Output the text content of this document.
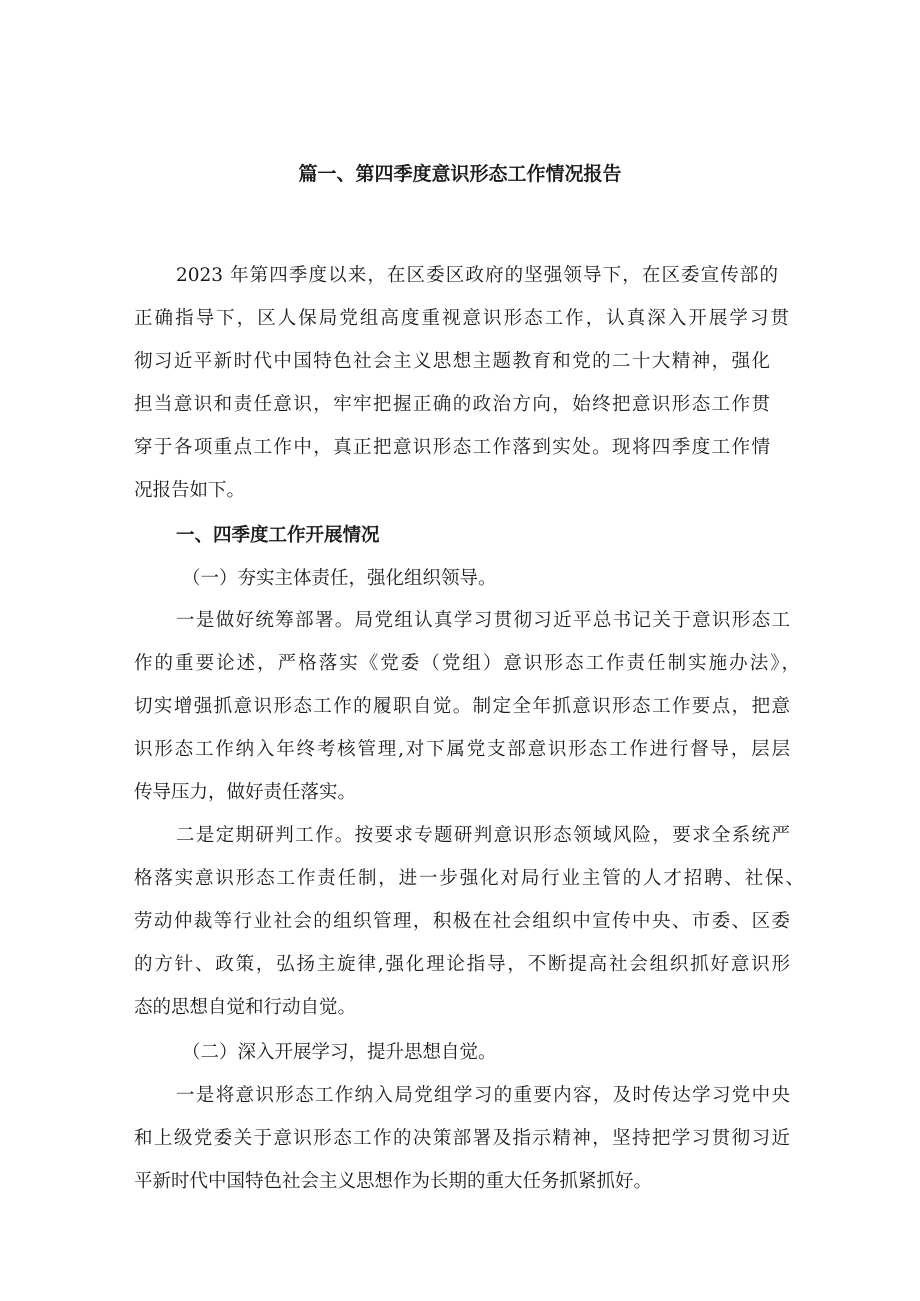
篇一、第四季度意识形态工作情况报告

2023 年第四季度以来，在区委区政府的坚强领导下，在区委宣传部的

正确指导下，区人保局党组高度重视意识形态工作，认真深入开展学习贯

彻习近平新时代中国特色社会主义思想主题教育和党的二十大精神，强化

担当意识和责任意识，牢牢把握正确的政治方向，始终把意识形态工作贯

穿于各项重点工作中，真正把意识形态工作落到实处。现将四季度工作情

况报告如下。

一、四季度工作开展情况

（一）夯实主体责任，强化组织领导。

一是做好统筹部署。局党组认真学习贯彻习近平总书记关于意识形态工

作的重要论述，严格落实《党委（党组）意识形态工作责任制实施办法》，

切实增强抓意识形态工作的履职自觉。制定全年抓意识形态工作要点，把意

识形态工作纳入年终考核管理,对下属党支部意识形态工作进行督导，层层

传导压力，做好责任落实。

二是定期研判工作。按要求专题研判意识形态领域风险，要求全系统严

格落实意识形态工作责任制，进一步强化对局行业主管的人才招聘、社保、

劳动仲裁等行业社会的组织管理，积极在社会组织中宣传中央、市委、区委

的方针、政策，弘扬主旋律,强化理论指导，不断提高社会组织抓好意识形

态的思想自觉和行动自觉。

（二）深入开展学习，提升思想自觉。

一是将意识形态工作纳入局党组学习的重要内容，及时传达学习党中央

和上级党委关于意识形态工作的决策部署及指示精神，坚持把学习贯彻习近

平新时代中国特色社会主义思想作为长期的重大任务抓紧抓好。
